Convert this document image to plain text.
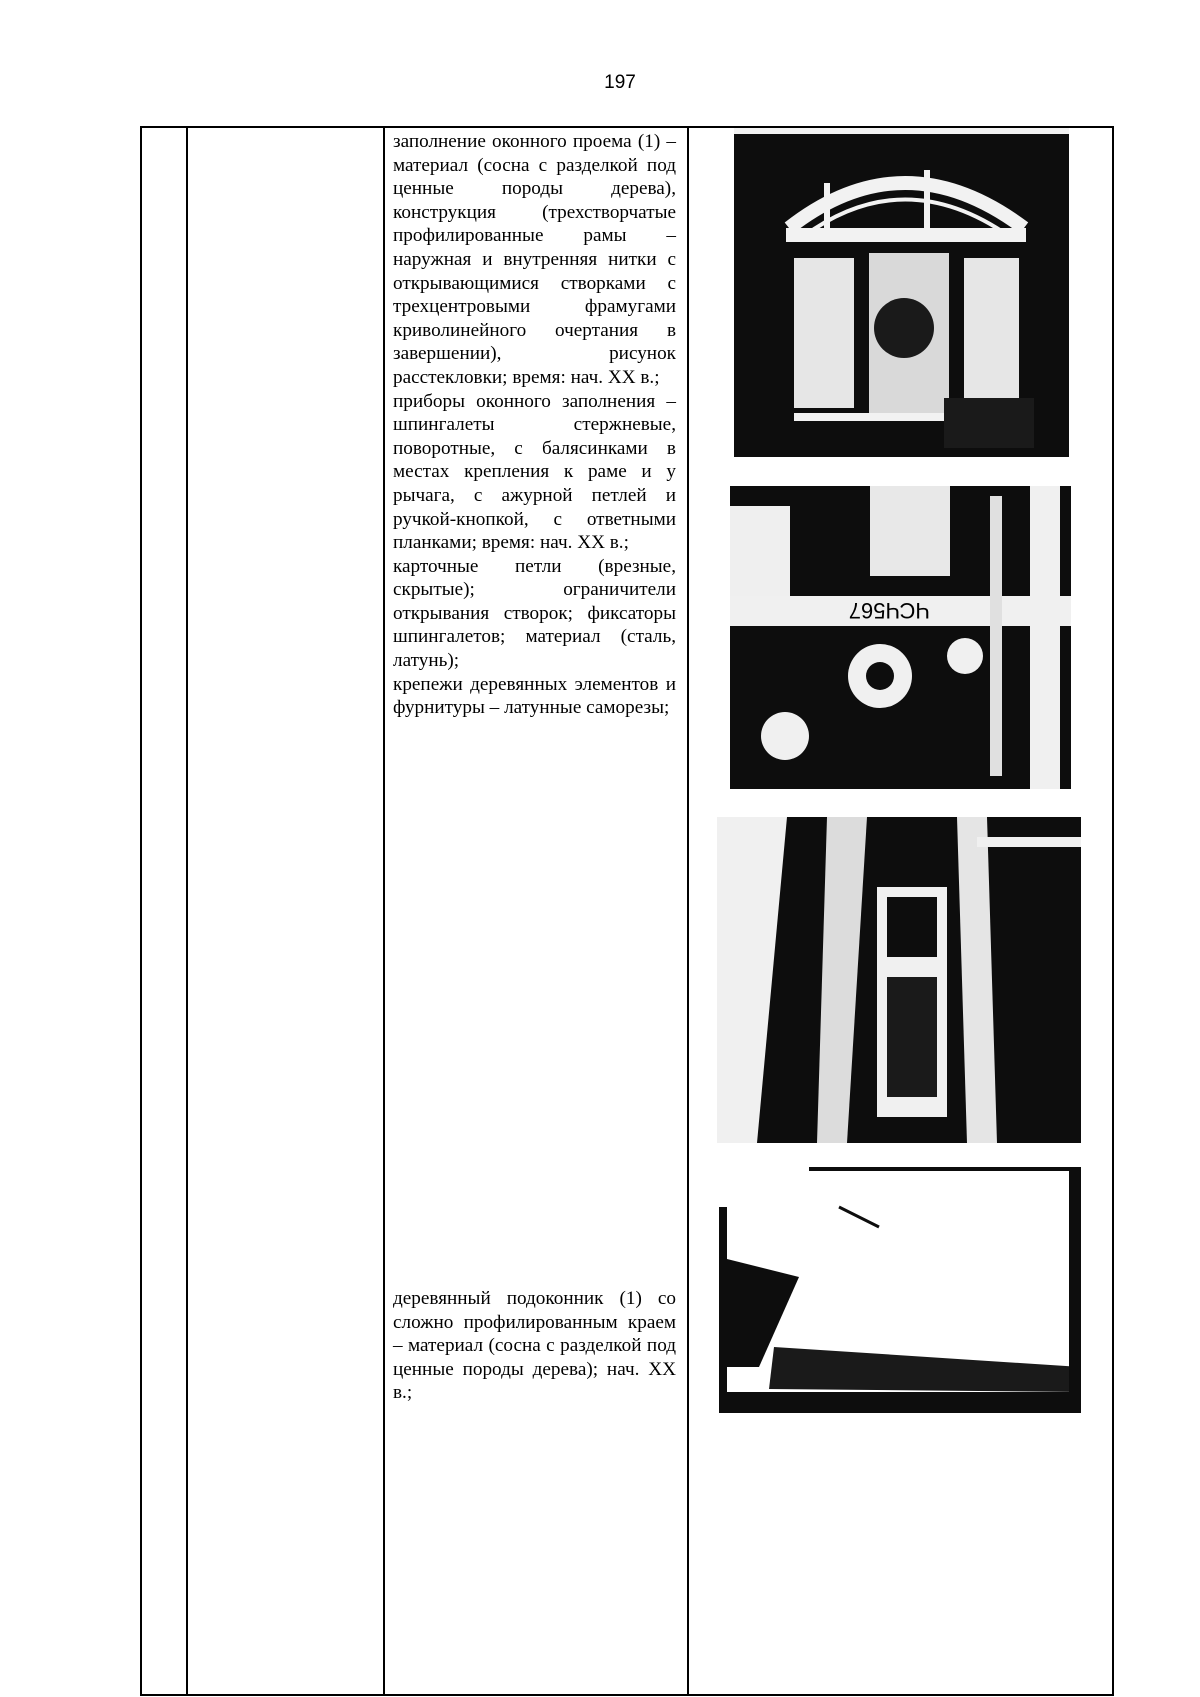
197
заполнение оконного проема (1) – материал (сосна с разделкой под ценные породы дерева), конструкция (трехстворчатые профилированные рамы – наружная и внутренняя нитки с открывающимися створками с трехцентровыми фрамугами криволинейного очертания в завершении), рисунок расстекловки; время: нач. XX в.;
приборы оконного заполнения – шпингалеты стержневые, поворотные, с балясинками в местах крепления к раме и у рычага, с ажурной петлей и ручкой-кнопкой, с ответными планками; время: нач. XX в.;
карточные петли (врезные, скрытые); ограничители открывания створок; фиксаторы шпингалетов; материал (сталь, латунь);
крепежи деревянных элементов и фурнитуры – латунные саморезы;
деревянный подоконник (1) со сложно профилированным краем – материал (сосна с разделкой под ценные породы дерева); нач. XX в.;
ЧСЧ567
